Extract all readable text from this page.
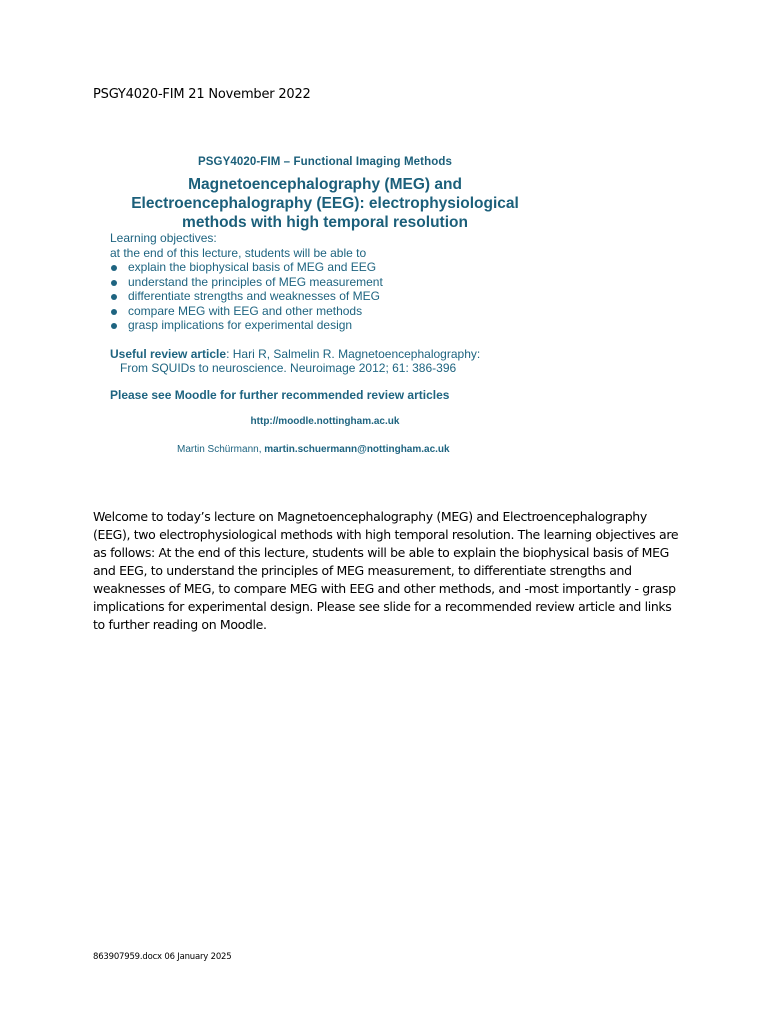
PSGY4020-FIM 21 November 2022
PSGY4020-FIM – Functional Imaging Methods
Magnetoencephalography (MEG) and
Electroencephalography (EEG): electrophysiological
methods with high temporal resolution
Learning objectives:
at the end of this lecture, students will be able to
explain the biophysical basis of MEG and EEG
understand the principles of MEG measurement
differentiate strengths and weaknesses of MEG
compare MEG with EEG and other methods
grasp implications for experimental design
Useful review article: Hari R, Salmelin R. Magnetoencephalography:
From SQUIDs to neuroscience. Neuroimage 2012; 61: 386-396
Please see Moodle for further recommended review articles
http://moodle.nottingham.ac.uk
Martin Schürmann, martin.schuermann@nottingham.ac.uk
Welcome to today’s lecture on Magnetoencephalography (MEG) and Electroencephalography (EEG), two electrophysiological methods with high temporal resolution. The learning objectives are as follows: At the end of this lecture, students will be able to explain the biophysical basis of MEG and EEG, to understand the principles of MEG measurement, to differentiate strengths and weaknesses of MEG, to compare MEG with EEG and other methods, and -most importantly - grasp implications for experimental design. Please see slide for a recommended review article and links to further reading on Moodle.
863907959.docx 06 January 2025
